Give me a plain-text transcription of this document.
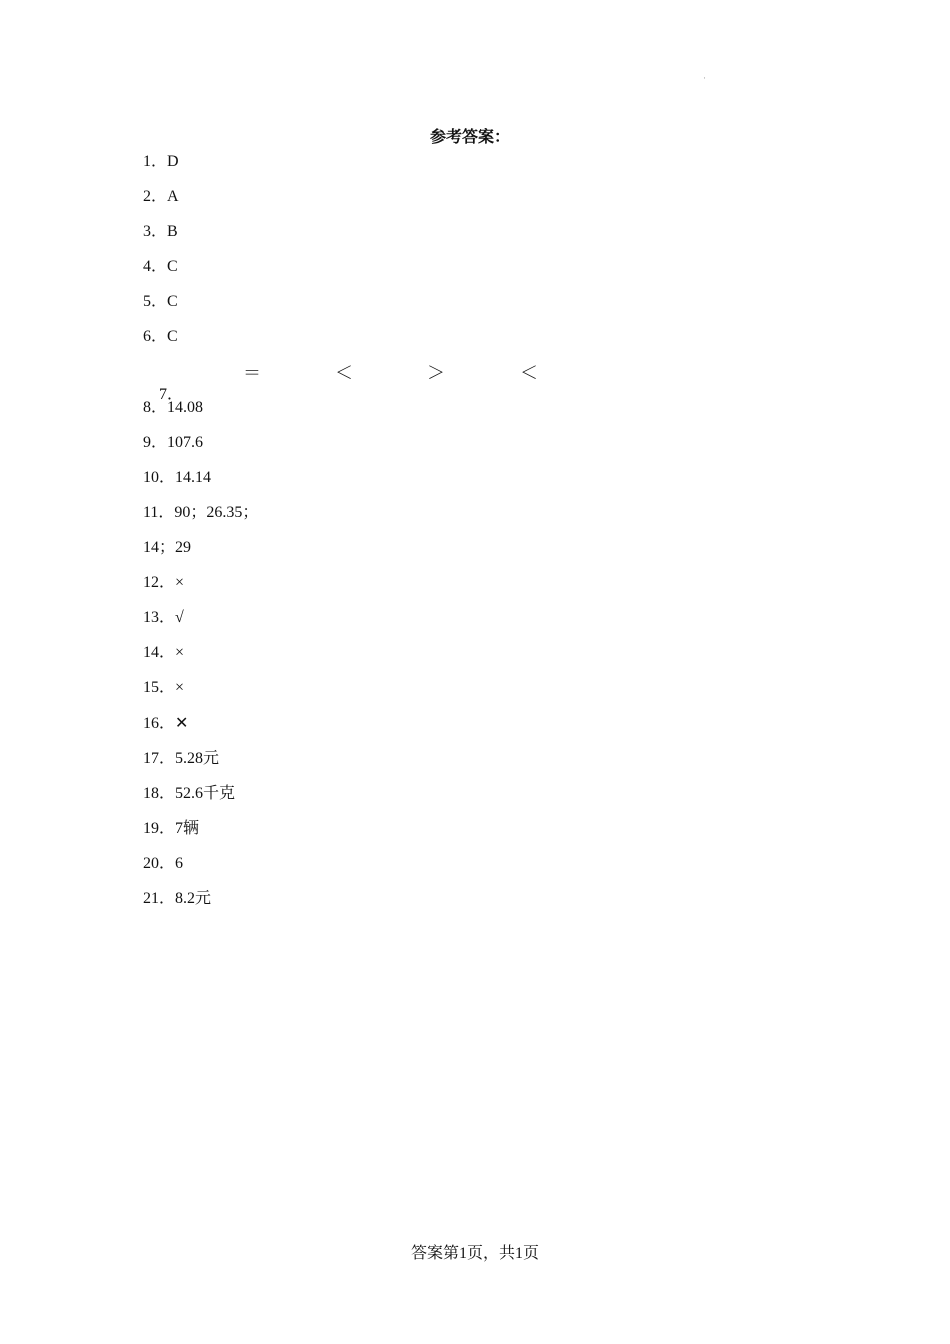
·
参考答案：
1．D
2．A
3．B
4．C
5．C
6．C

7．

＝

	＜

	＞

	＜

8．14.08
9．107.6
10．14.14
11．90；26.35；
14；29
12．×
13．√
14．×
15．×
16．✕
17．5.28元
18．52.6千克
19．7辆
20．6
21．8.2元
答案第1页，共1页
